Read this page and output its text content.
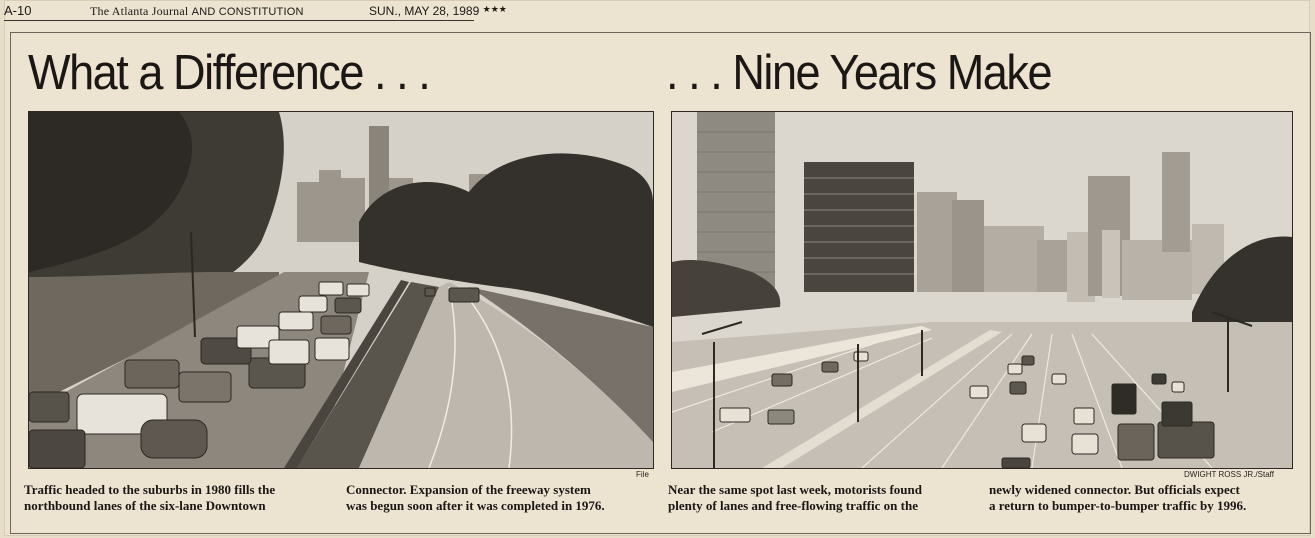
A-10	The Atlanta Journal AND CONSTITUTION	SUN., MAY 28, 1989 ★★★
What a Difference . . .	. . . Nine Years Make
File	DWIGHT ROSS JR./Staff
Traffic headed to the suburbs in 1980 fills the
northbound lanes of the six-lane Downtown
Connector. Expansion of the freeway system
was begun soon after it was completed in 1976.
Near the same spot last week, motorists found
plenty of lanes and free-flowing traffic on the
newly widened connector. But officials expect
a return to bumper-to-bumper traffic by 1996.
